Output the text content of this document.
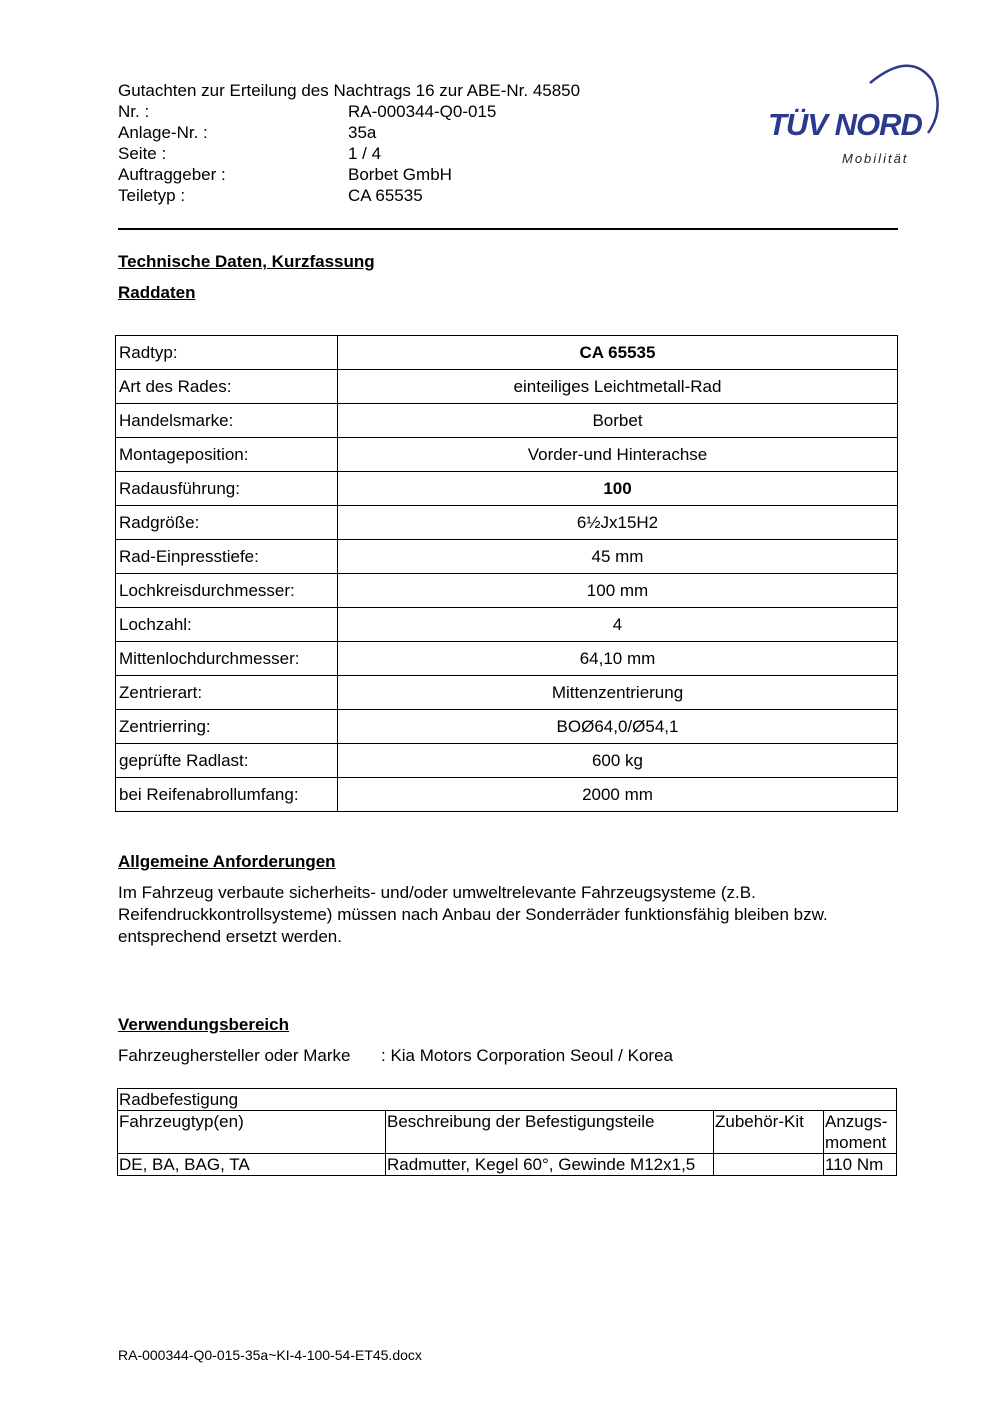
Gutachten zur Erteilung des Nachtrags 16 zur ABE-Nr. 45850
Nr. :	RA-000344-Q0-015
Anlage-Nr. :	35a
Seite :	1 / 4
Auftraggeber :	Borbet GmbH
Teiletyp :	CA 65535
TÜV NORD
Mobilität
Technische Daten, Kurzfassung
Raddaten
Radtyp:	CA 65535
Art des Rades:	einteiliges Leichtmetall-Rad
Handelsmarke:	Borbet
Montageposition:	Vorder-und Hinterachse
Radausführung:	100
Radgröße:	6½Jx15H2
Rad-Einpresstiefe:	45 mm
Lochkreisdurchmesser:	100 mm
Lochzahl:	4
Mittenlochdurchmesser:	64,10 mm
Zentrierart:	Mittenzentrierung
Zentrierring:	BOØ64,0/Ø54,1
geprüfte Radlast:	600 kg
bei Reifenabrollumfang:	2000 mm
Allgemeine Anforderungen
Im Fahrzeug verbaute sicherheits- und/oder umweltrelevante Fahrzeugsysteme (z.B. Reifendruckkontrollsysteme) müssen nach Anbau der Sonderräder funktionsfähig bleiben bzw. entsprechend ersetzt werden.
Verwendungsbereich
Fahrzeughersteller oder Marke	: Kia Motors Corporation Seoul / Korea
Radbefestigung			
Fahrzeugtyp(en)	Beschreibung der Befestigungsteile	Zubehör-Kit	Anzugs-moment
DE, BA, BAG, TA	Radmutter, Kegel 60°, Gewinde M12x1,5		110 Nm
RA-000344-Q0-015-35a~KI-4-100-54-ET45.docx
